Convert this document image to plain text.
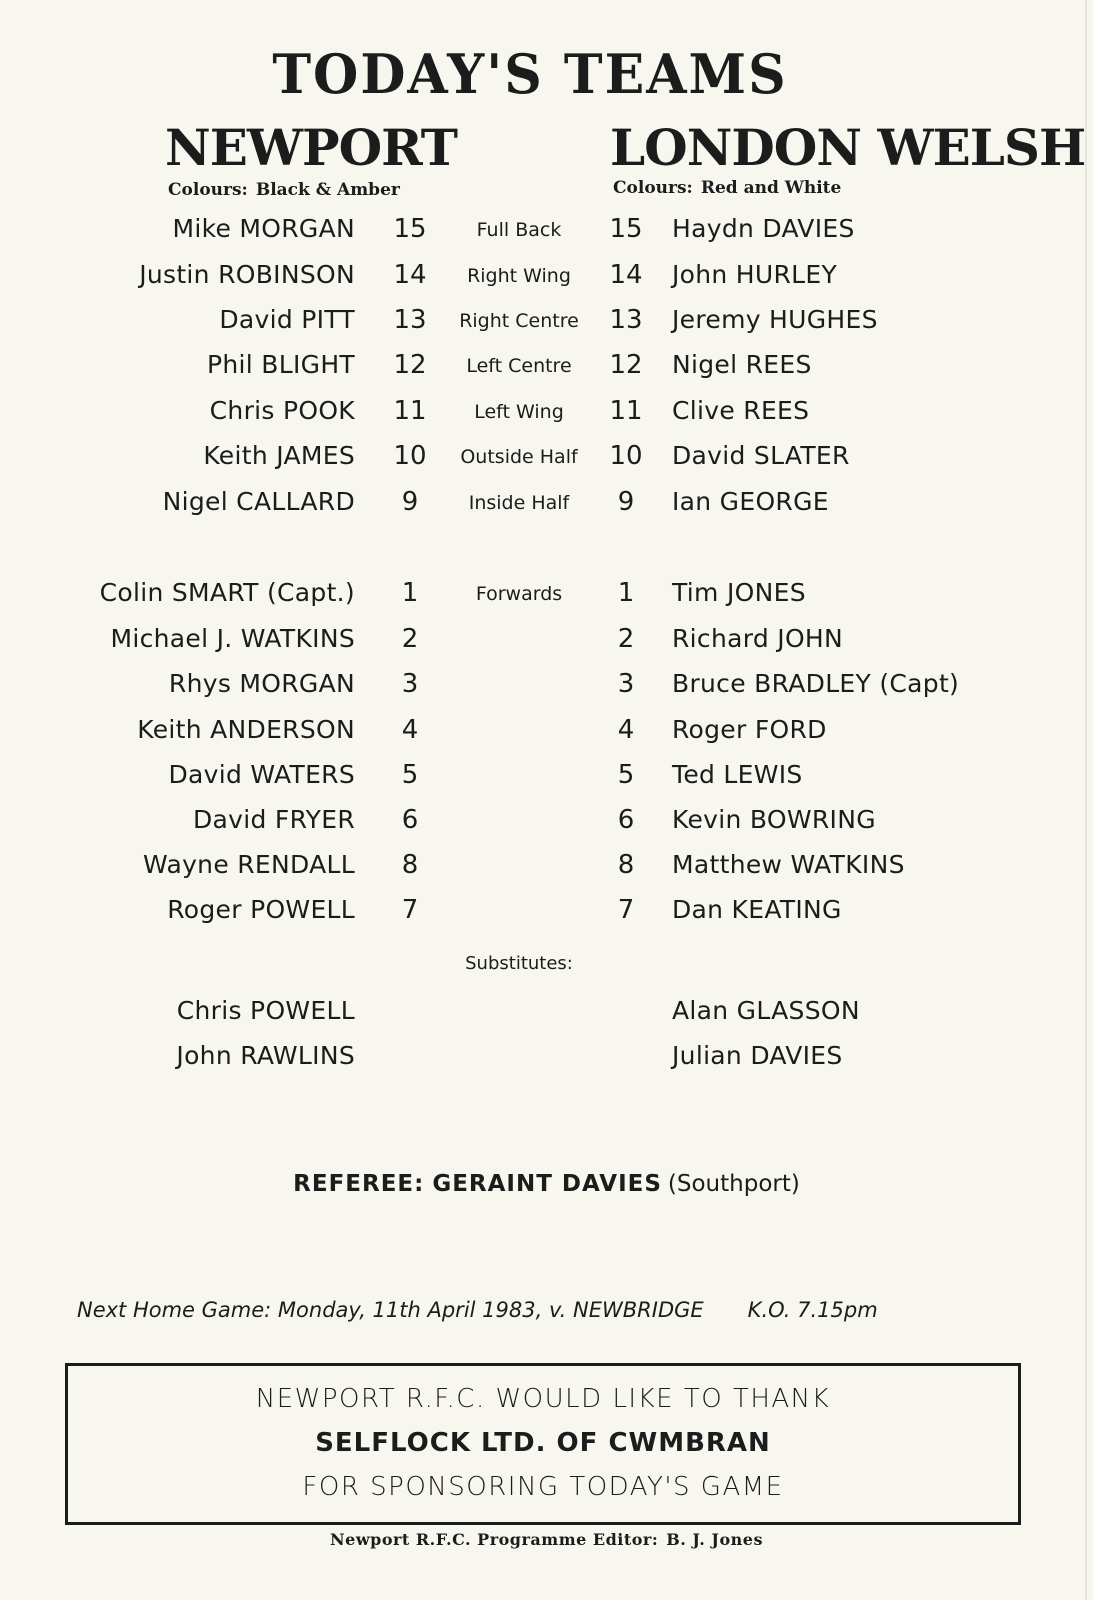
TODAY'S TEAMS
NEWPORT	LONDON WELSH
Colours: Black & Amber	Colours: Red and White
Mike MORGAN	15	Full Back	15	Haydn DAVIES
Justin ROBINSON	14	Right Wing	14	John HURLEY
David PITT	13	Right Centre	13	Jeremy HUGHES
Phil BLIGHT	12	Left Centre	12	Nigel REES
Chris POOK	11	Left Wing	11	Clive REES
Keith JAMES	10	Outside Half	10	David SLATER
Nigel CALLARD	9	Inside Half	9	Ian GEORGE
Colin SMART (Capt.)	1	Forwards	1	Tim JONES
Michael J. WATKINS	2	2	Richard JOHN
Rhys MORGAN	3	3	Bruce BRADLEY (Capt)
Keith ANDERSON	4	4	Roger FORD
David WATERS	5	5	Ted LEWIS
David FRYER	6	6	Kevin BOWRING
Wayne RENDALL	8	8	Matthew WATKINS
Roger POWELL	7	7	Dan KEATING
Substitutes:
Chris POWELL	Alan GLASSON
John RAWLINS	Julian DAVIES
REFEREE: GERAINT DAVIES (Southport)
Next Home Game: Monday, 11th April 1983, v. NEWBRIDGE K.O. 7.15pm
NEWPORT R.F.C. WOULD LIKE TO THANK
SELFLOCK LTD. OF CWMBRAN
FOR SPONSORING TODAY'S GAME
Newport R.F.C. Programme Editor: B. J. Jones
